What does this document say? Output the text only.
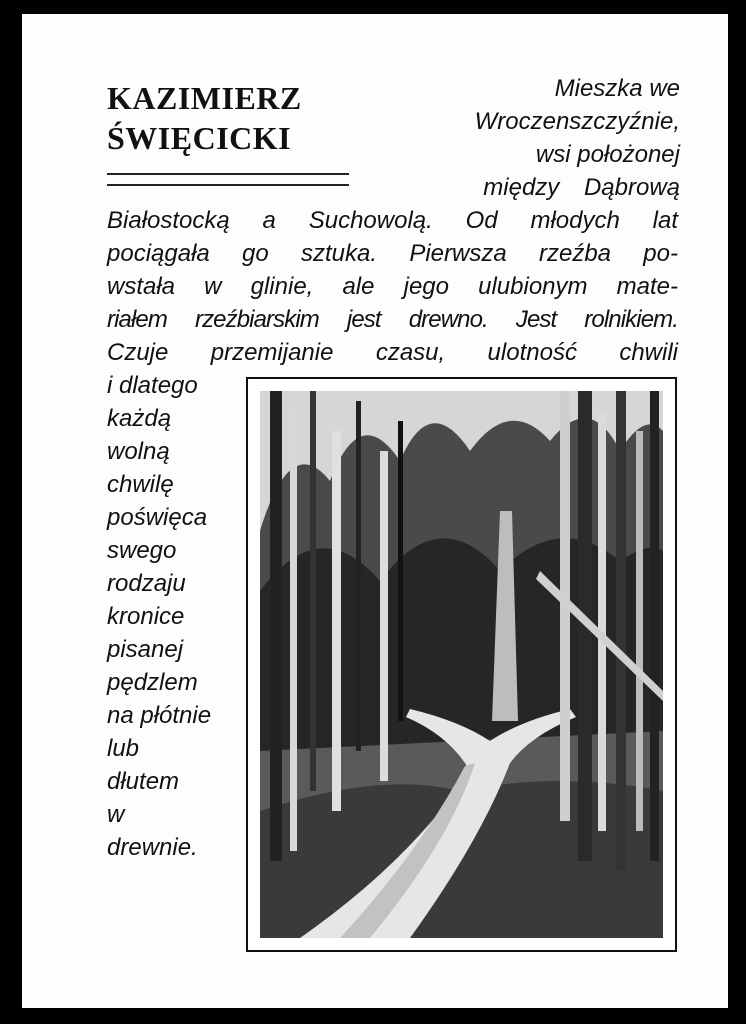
KAZIMIERZ
ŚWIĘCICKI
Mieszka we
Wroczenszczyźnie,
wsi położonej
między Dąbrową
Białostocką a Suchowolą. Od młodych lat
pociągała go sztuka. Pierwsza rzeźba po-
wstała w glinie, ale jego ulubionym mate-
riałem rzeźbiarskim jest drewno. Jest rolnikiem.
Czuje przemijanie czasu, ulotność chwili
i dlatego
każdą
wolną
chwilę
poświęca
swego
rodzaju
kronice
pisanej
pędzlem
na płótnie
lub
dłutem
w
drewnie.
